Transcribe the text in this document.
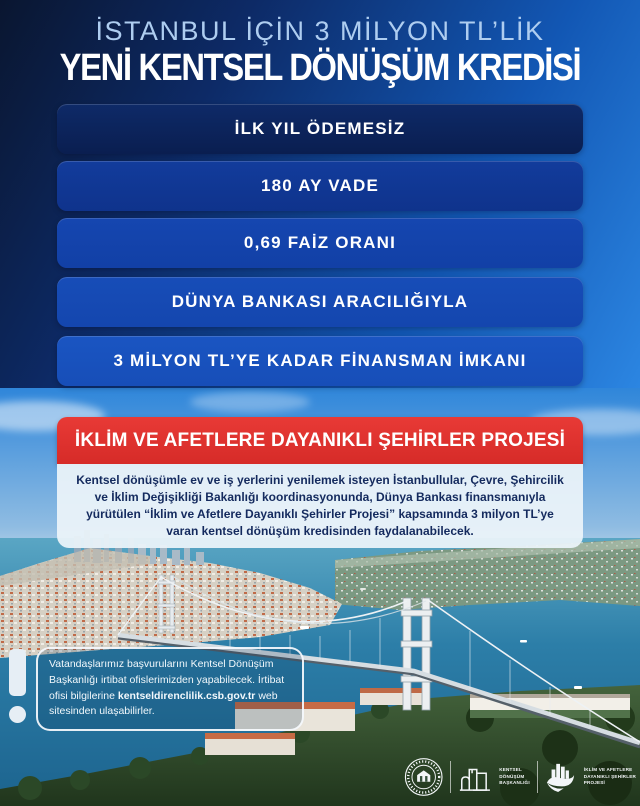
İSTANBUL İÇİN 3 MİLYON TL’LİK
YENİ KENTSEL DÖNÜŞÜM KREDİSİ
İLK YIL ÖDEMESİZ
180 AY VADE
0,69 FAİZ ORANI
DÜNYA BANKASI ARACILIĞIYLA
3 MİLYON TL’YE KADAR FİNANSMAN İMKANI
İKLİM VE AFETLERE DAYANIKLI ŞEHİRLER PROJESİ
Kentsel dönüşümle ev ve iş yerlerini yenilemek isteyen İstanbullular, Çevre, Şehircilik ve İklim Değişikliği Bakanlığı koordinasyonunda, Dünya Bankası finansmanıyla yürütülen “İklim ve Afetlere Dayanıklı Şehirler Projesi” kapsamında 3 milyon TL’ye varan kentsel dönüşüm kredisinden faydalanabilecek.
Vatandaşlarımız başvurularını Kentsel Dönüşüm Başkanlığı irtibat ofislerimizden yapabilecek. İrtibat ofisi bilgilerine kentseldirenclilik.csb.gov.tr web sitesinden ulaşabilirler.
KENTSEL
DÖNÜŞÜM
BAŞKANLIĞI
İKLİM VE AFETLERE
DAYANIKLI ŞEHİRLER
PROJESİ
